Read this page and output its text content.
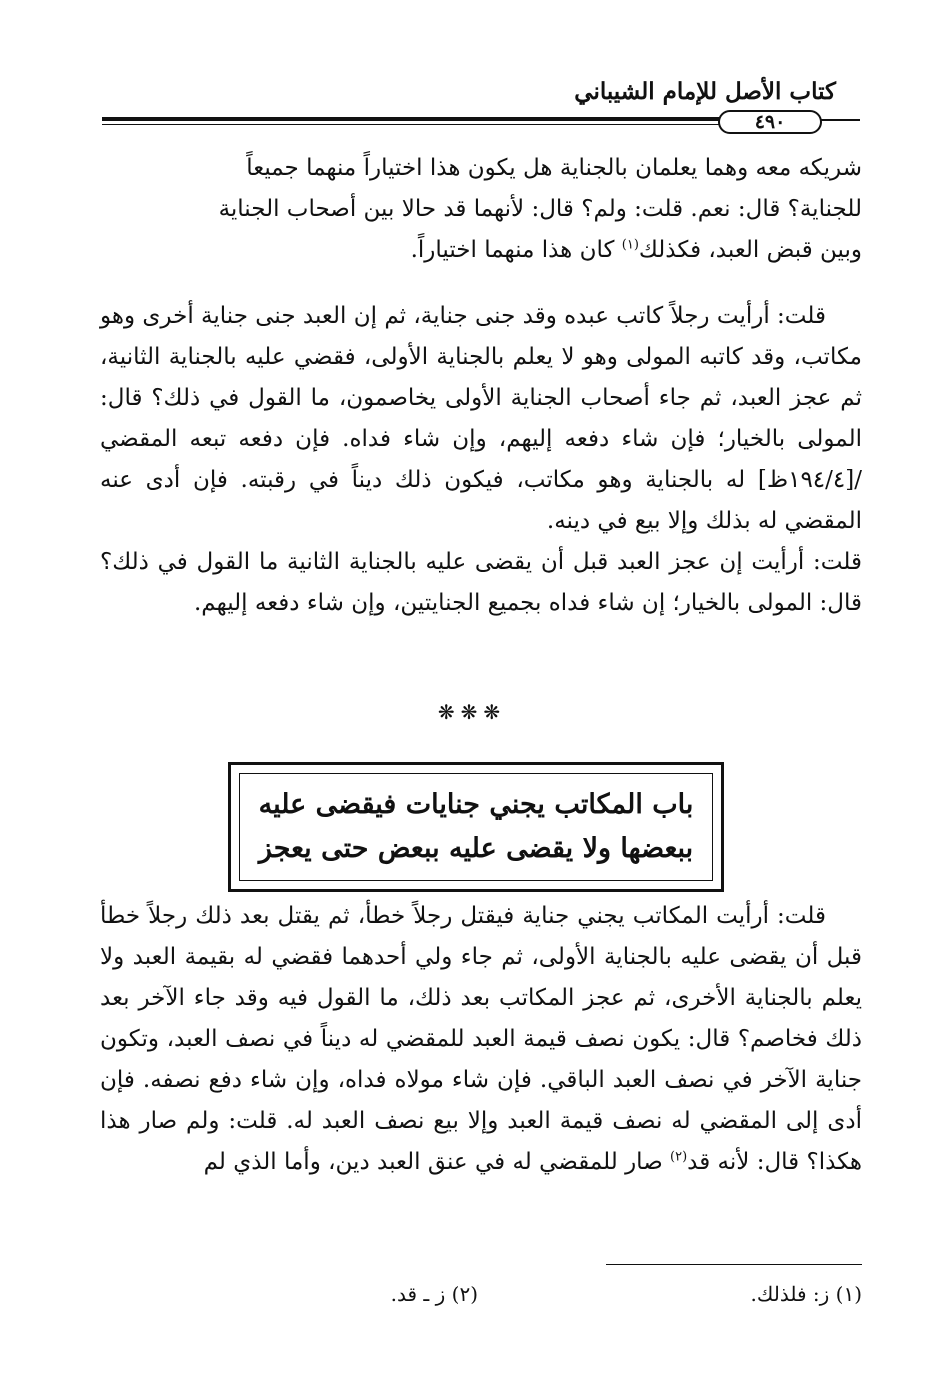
كتاب الأصل للإمام الشيباني
٤٩٠

شريكه معه وهما يعلمان بالجناية هل يكون هذا اختياراً منهما جميعاً
للجناية؟ قال: نعم. قلت: ولم؟ قال: لأنهما قد حالا بين أصحاب الجناية
وبين قبض العبد، فكذلك$^{(١)}$ كان هذا منهما اختياراً.

قلت: أرأيت رجلاً كاتب عبده وقد جنى جناية، ثم إن العبد جنى جناية أخرى وهو مكاتب، وقد كاتبه المولى وهو لا يعلم بالجناية الأولى، فقضي عليه بالجناية الثانية، ثم عجز العبد، ثم جاء أصحاب الجناية الأولى يخاصمون، ما القول في ذلك؟ قال: المولى بالخيار؛ فإن شاء دفعه إليهم، وإن شاء فداه. فإن دفعه تبعه المقضي /[١٩٤/٤ظ] له بالجناية وهو مكاتب، فيكون ذلك ديناً في رقبته. فإن أدى عنه المقضي له بذلك وإلا بيع في دينه.

قلت: أرأيت إن عجز العبد قبل أن يقضى عليه بالجناية الثانية ما القول في ذلك؟ قال: المولى بالخيار؛ إن شاء فداه بجميع الجنايتين، وإن شاء دفعه إليهم.

❋❋❋
باب المكاتب يجني جنايات فيقضى عليه
ببعضها ولا يقضى عليه ببعض حتى يعجز

قلت: أرأيت المكاتب يجني جناية فيقتل رجلاً خطأ، ثم يقتل بعد ذلك رجلاً خطأ قبل أن يقضى عليه بالجناية الأولى، ثم جاء ولي أحدهما فقضي له بقيمة العبد ولا يعلم بالجناية الأخرى، ثم عجز المكاتب بعد ذلك، ما القول فيه وقد جاء الآخر بعد ذلك فخاصم؟ قال: يكون نصف قيمة العبد للمقضي له ديناً في نصف العبد، وتكون جناية الآخر في نصف العبد الباقي. فإن شاء مولاه فداه، وإن شاء دفع نصفه. فإن أدى إلى المقضي له نصف قيمة العبد وإلا بيع نصف العبد له. قلت: ولم صار هذا هكذا؟ قال: لأنه قد$^{(٢)}$ صار للمقضي له في عنق العبد دين، وأما الذي لم

(١) ز: فلذلك.
(٢) ز ـ قد.
